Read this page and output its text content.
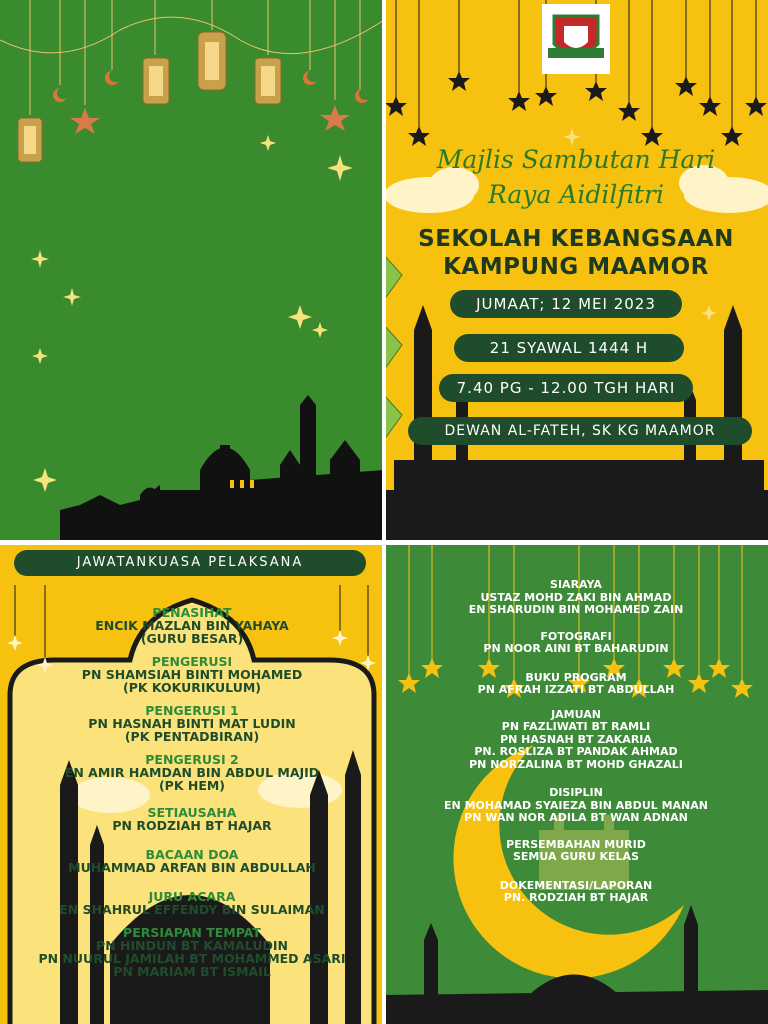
Majlis Sambutan Hari
Raya Aidilfitri
SEKOLAH KEBANGSAAN
KAMPUNG MAAMOR
JUMAAT; 12 MEI 2023
21 SYAWAL 1444 H
7.40 PG - 12.00 TGH HARI
DEWAN AL-FATEH, SK KG MAAMOR
JAWATANKUASA PELAKSANA
PENASIHAT
ENCIK MAZLAN BIN YAHAYA
(GURU BESAR)
PENGERUSI
PN SHAMSIAH BINTI MOHAMED
(PK KOKURIKULUM)
PENGERUSI 1
PN HASNAH BINTI MAT LUDIN
(PK PENTADBIRAN)
PENGERUSI 2
EN AMIR HAMDAN BIN ABDUL MAJID
(PK HEM)
SETIAUSAHA
PN RODZIAH BT HAJAR
BACAAN DOA
MUHAMMAD ARFAN BIN ABDULLAH
JURU ACARA
EN SHAHRUL EFFENDY BIN SULAIMAN
PERSIAPAN TEMPAT
PN HINDUN BT KAMALUDIN
PN NUURUL JAMILAH BT MOHAMMED ASARI
PN MARIAM BT ISMAIL
SIARAYA
USTAZ MOHD ZAKI BIN AHMAD
EN SHARUDIN BIN MOHAMED ZAIN
FOTOGRAFI
PN NOOR AINI BT BAHARUDIN
BUKU PROGRAM
PN AFRAH IZZATI BT ABDULLAH
JAMUAN
PN FAZLIWATI BT RAMLI
PN HASNAH BT ZAKARIA
PN. ROSLIZA BT PANDAK AHMAD
PN NORZALINA BT MOHD GHAZALI
DISIPLIN
EN MOHAMAD SYAIEZA BIN ABDUL MANAN
PN WAN NOR ADILA BT WAN ADNAN
PERSEMBAHAN MURID
SEMUA GURU KELAS
DOKEMENTASI/LAPORAN
PN. RODZIAH BT HAJAR
